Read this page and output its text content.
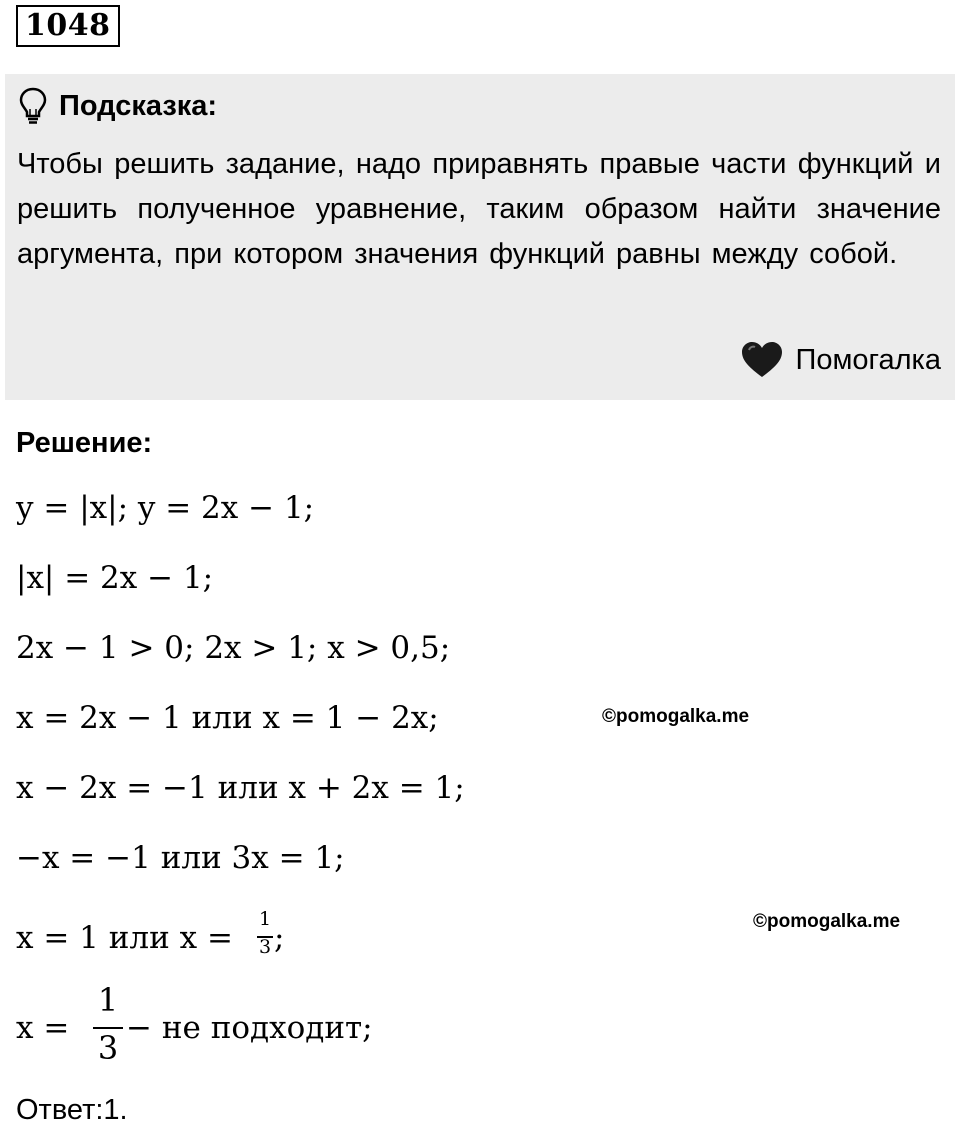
1048
Подсказка:
Чтобы решить задание, надо приравнять правые части функций и решить полученное уравнение, таким образом найти значение аргумента, при котором значения функций равны между собой.
Помогалка
Решение:
y = |x|; y = 2x − 1;
|x| = 2x − 1;
2x − 1 > 0; 2x > 1; x > 0,5;
x = 2x − 1 или x = 1 − 2x;
x − 2x = −1 или x + 2x = 1;
−x = −1 или 3x = 1;
x = 1 или x =
1
3 ;
x =
1
3
− не подходит;
©pomogalka.me
©pomogalka.me
Ответ:1.
